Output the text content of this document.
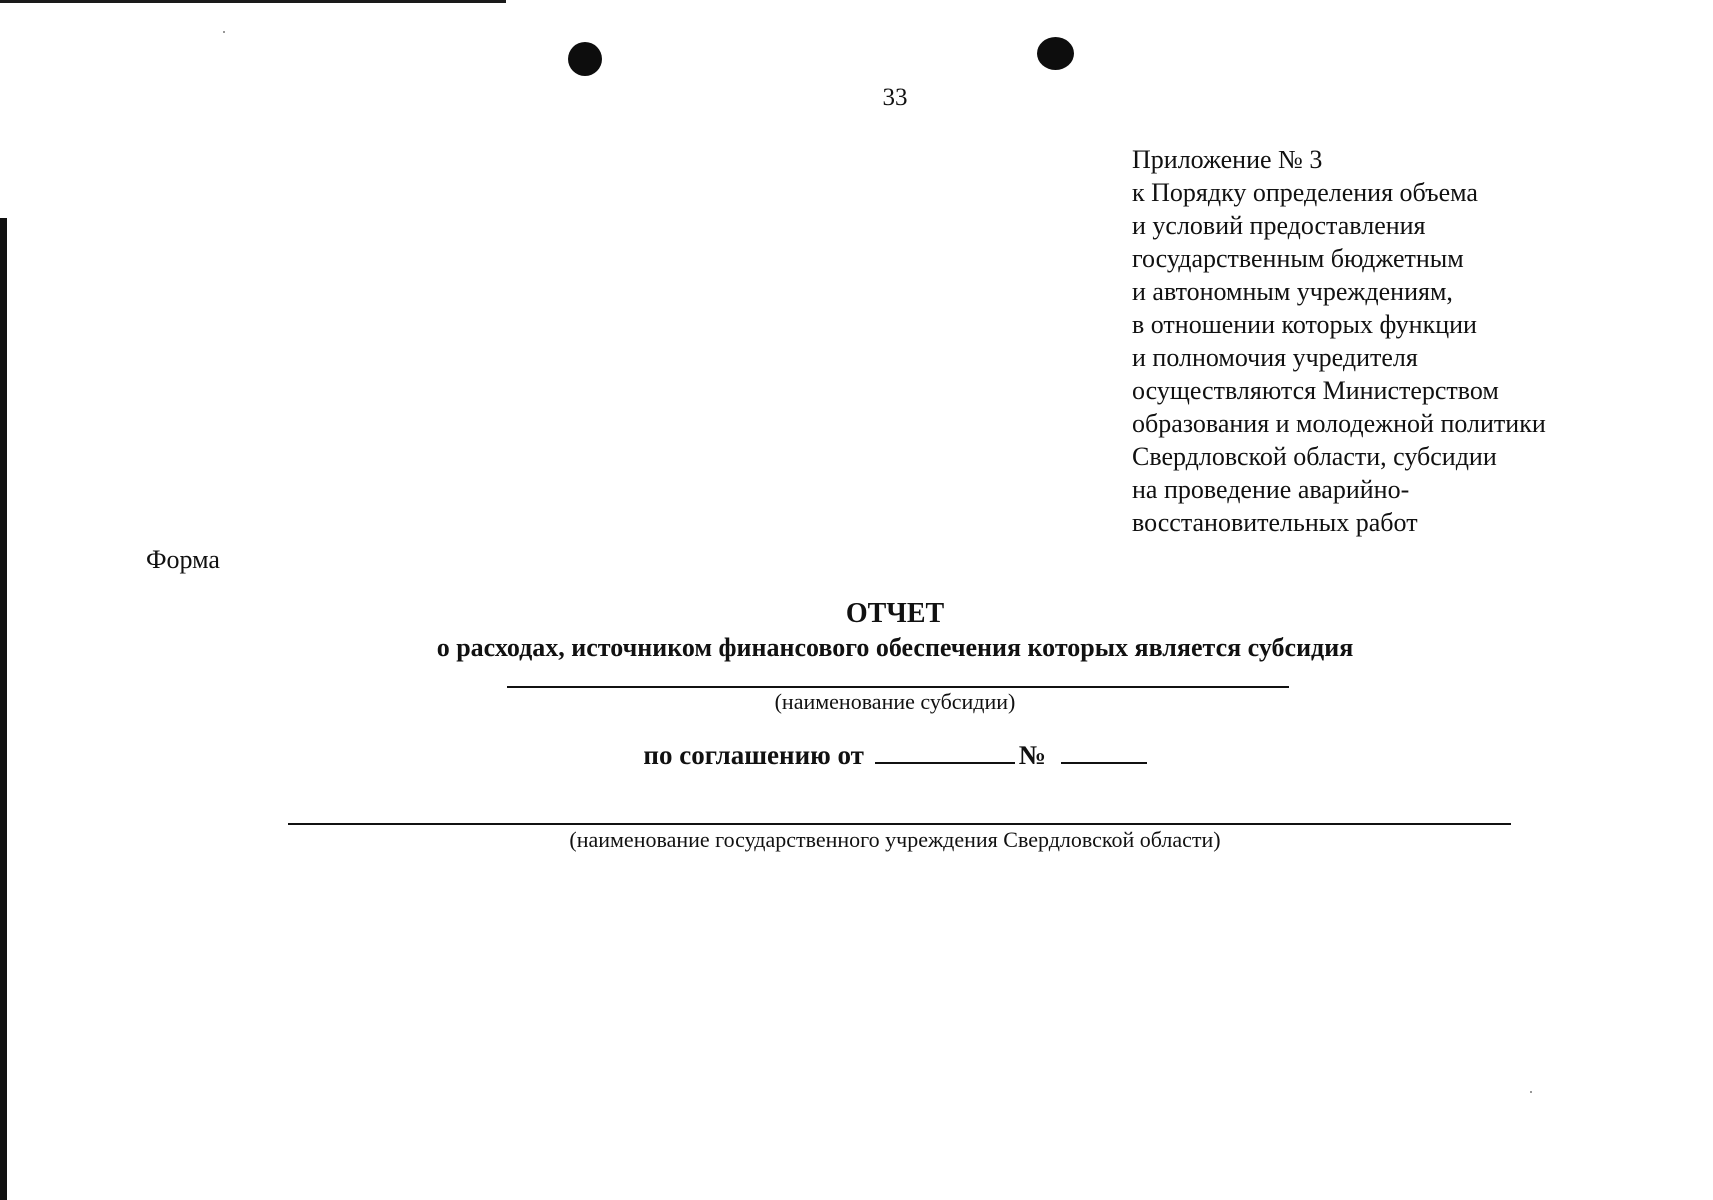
33
Приложение № 3
к Порядку определения объема
и условий предоставления
государственным бюджетным
и автономным учреждениям,
в отношении которых функции
и полномочия учредителя
осуществляются Министерством
образования и молодежной политики
Свердловской области, субсидии
на проведение аварийно-
восстановительных работ
Форма
ОТЧЕТ
о расходах, источником финансового обеспечения которых является субсидия
(наименование субсидии)
по соглашению от	№
(наименование государственного учреждения Свердловской области)
